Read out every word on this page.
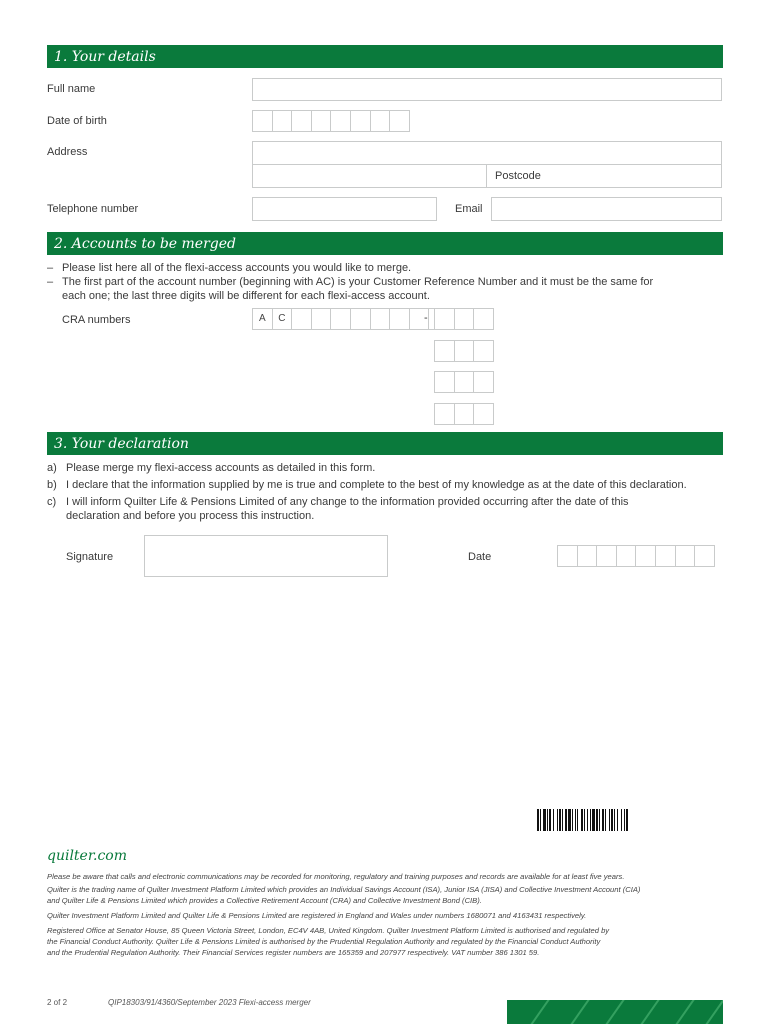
1. Your details
Full name
Date of birth
Address
Postcode
Telephone number	Email
2. Accounts to be merged
– Please list here all of the flexi-access accounts you would like to merge.
– The first part of the account number (beginning with AC) is your Customer Reference Number and it must be the same for
each one; the last three digits will be different for each flexi-access account.
CRA numbers	A	C	-
3. Your declaration
a) Please merge my flexi-access accounts as detailed in this form.
b) I declare that the information supplied by me is true and complete to the best of my knowledge as at the date of this declaration.
c) I will inform Quilter Life & Pensions Limited of any change to the information provided occurring after the date of this
declaration and before you process this instruction.
Signature	Date
quilter.com
Please be aware that calls and electronic communications may be recorded for monitoring, regulatory and training purposes and records are available for at least five years.
Quilter is the trading name of Quilter Investment Platform Limited which provides an Individual Savings Account (ISA), Junior ISA (JISA) and Collective Investment Account (CIA)
and Quilter Life & Pensions Limited which provides a Collective Retirement Account (CRA) and Collective Investment Bond (CIB).
Quilter Investment Platform Limited and Quilter Life & Pensions Limited are registered in England and Wales under numbers 1680071 and 4163431 respectively.
Registered Office at Senator House, 85 Queen Victoria Street, London, EC4V 4AB, United Kingdom. Quilter Investment Platform Limited is authorised and regulated by
the Financial Conduct Authority. Quilter Life & Pensions Limited is authorised by the Prudential Regulation Authority and regulated by the Financial Conduct Authority
and the Prudential Regulation Authority. Their Financial Services register numbers are 165359 and 207977 respectively. VAT number 386 1301 59.
2 of 2	QIP18303/91/4360/September 2023 Flexi-access merger
